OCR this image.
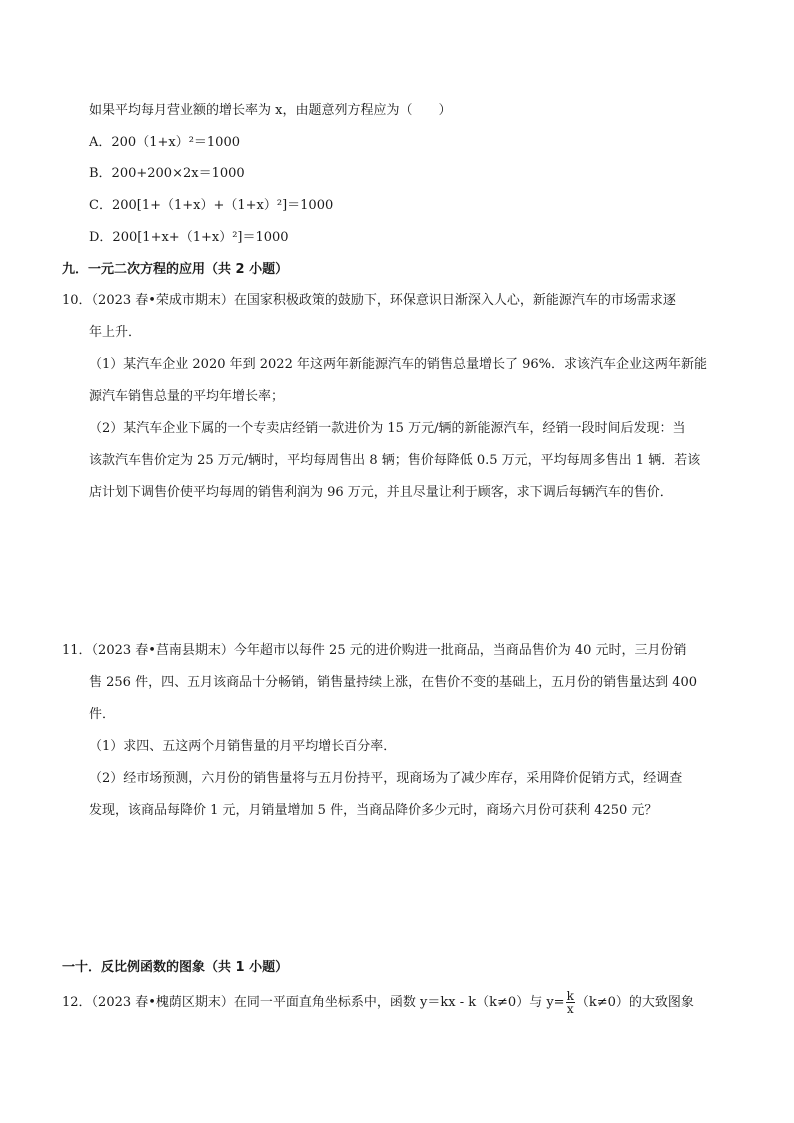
如果平均每月营业额的增长率为 x，由题意列方程应为（　　）
A．200（1+x）²＝1000
B．200+200×2x＝1000
C．200[1+（1+x）+（1+x）²]＝1000
D．200[1+x+（1+x）²]＝1000
九．一元二次方程的应用（共 2 小题）
10．（2023 春•荣成市期末）在国家积极政策的鼓励下，环保意识日渐深入人心，新能源汽车的市场需求逐
年上升．
（1）某汽车企业 2020 年到 2022 年这两年新能源汽车的销售总量增长了 96%．求该汽车企业这两年新能
源汽车销售总量的平均年增长率；
（2）某汽车企业下属的一个专卖店经销一款进价为 15 万元/辆的新能源汽车，经销一段时间后发现：当
该款汽车售价定为 25 万元/辆时，平均每周售出 8 辆；售价每降低 0.5 万元，平均每周多售出 1 辆．若该
店计划下调售价使平均每周的销售利润为 96 万元，并且尽量让利于顾客，求下调后每辆汽车的售价．
11．（2023 春•莒南县期末）今年超市以每件 25 元的进价购进一批商品，当商品售价为 40 元时，三月份销
售 256 件，四、五月该商品十分畅销，销售量持续上涨，在售价不变的基础上，五月份的销售量达到 400
件．
（1）求四、五这两个月销售量的月平均增长百分率．
（2）经市场预测，六月份的销售量将与五月份持平，现商场为了减少库存，采用降价促销方式，经调查
发现，该商品每降价 1 元，月销量增加 5 件，当商品降价多少元时，商场六月份可获利 4250 元？
一十．反比例函数的图象（共 1 小题）
12．（2023 春•槐荫区期末）在同一平面直角坐标系中，函数 y＝kx - k（k≠0）与 $y= \frac{k}{x} (k\ne 0)$的大致图象
